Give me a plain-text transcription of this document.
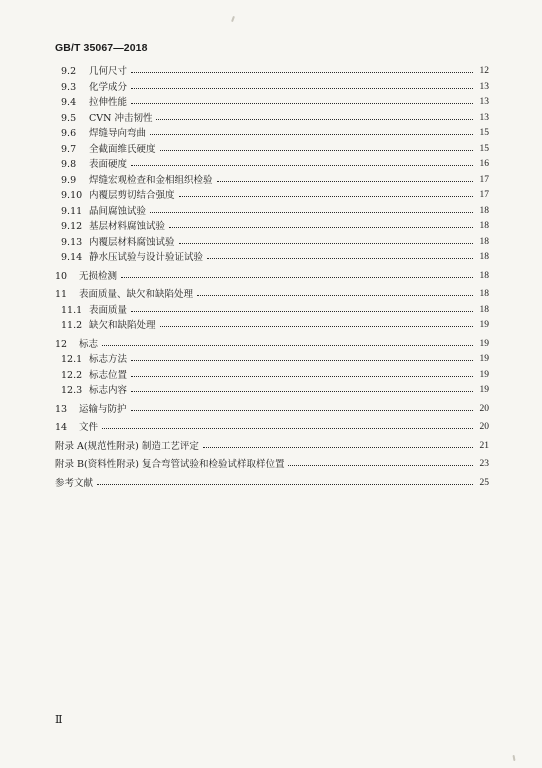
GB/T 35067—2018
9.2	几何尺寸	12
9.3	化学成分	13
9.4	拉伸性能	13
9.5	CVN 冲击韧性	13
9.6	焊缝导向弯曲	15
9.7	全截面维氏硬度	15
9.8	表面硬度	16
9.9	焊缝宏观检查和金相组织检验	17
9.10 内覆层剪切结合强度	17
9.11 晶间腐蚀试验	18
9.12 基层材料腐蚀试验	18
9.13 内覆层材料腐蚀试验	18
9.14 静水压试验与设计验证试验	18
10	无损检测	18
11	表面质量、缺欠和缺陷处理	18
11.1 表面质量	18
11.2 缺欠和缺陷处理	19
12	标志	19
12.1 标志方法	19
12.2 标志位置	19
12.3 标志内容	19
13	运输与防护	20
14	文件	20
附录 A (规范性附录) 制造工艺评定	21
附录 B (资料性附录) 复合弯管试验和检验试样取样位置	23
参考文献	25
Ⅱ
